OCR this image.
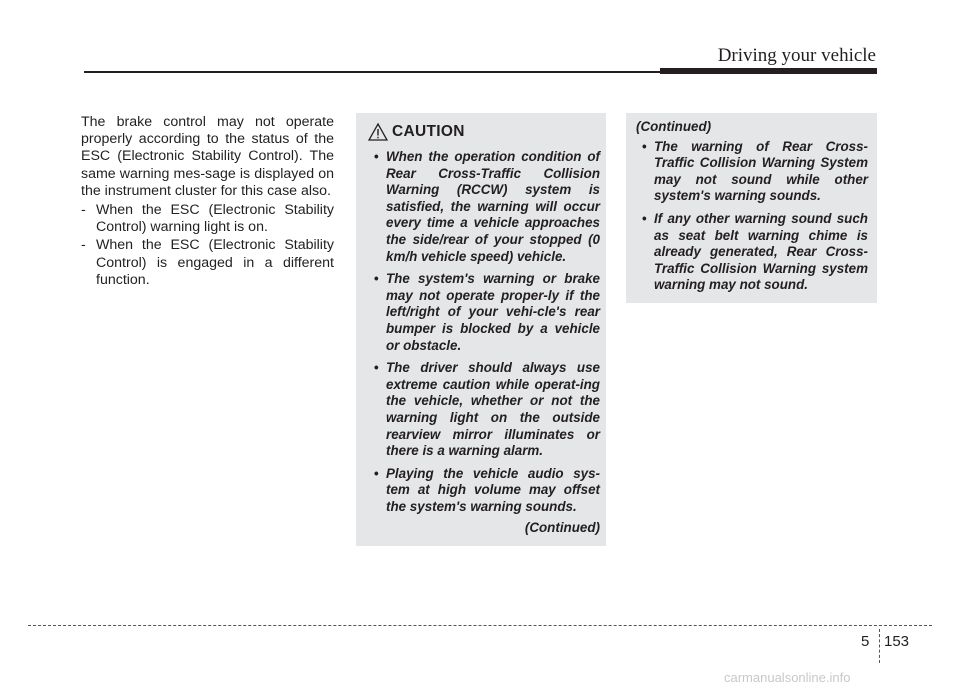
Driving your vehicle

The brake control may not operate properly according to the status of the ESC (Electronic Stability Control). The same warning mes-sage is displayed on the instrument cluster for this case also.

- When the ESC (Electronic Stability Control) warning light is on.
- When the ESC (Electronic Stability Control) is engaged in a different function.
CAUTION
• When the operation condition of Rear Cross-Traffic Collision Warning (RCCW) system is satisfied, the warning will occur every time a vehicle approaches the side/rear of your stopped (0 km/h vehicle speed) vehicle.
• The system's warning or brake may not operate proper-ly if the left/right of your vehi-cle's rear bumper is blocked by a vehicle or obstacle.
• The driver should always use extreme caution while operat-ing the vehicle, whether or not the warning light on the outside rearview mirror illuminates or there is a warning alarm.
• Playing the vehicle audio sys-tem at high volume may offset the system's warning sounds.
(Continued)
(Continued)
• The warning of Rear Cross-Traffic Collision Warning System may not sound while other system's warning sounds.
• If any other warning sound such as seat belt warning chime is already generated, Rear Cross-Traffic Collision Warning system warning may not sound.
5 153
carmanualsonline.info
